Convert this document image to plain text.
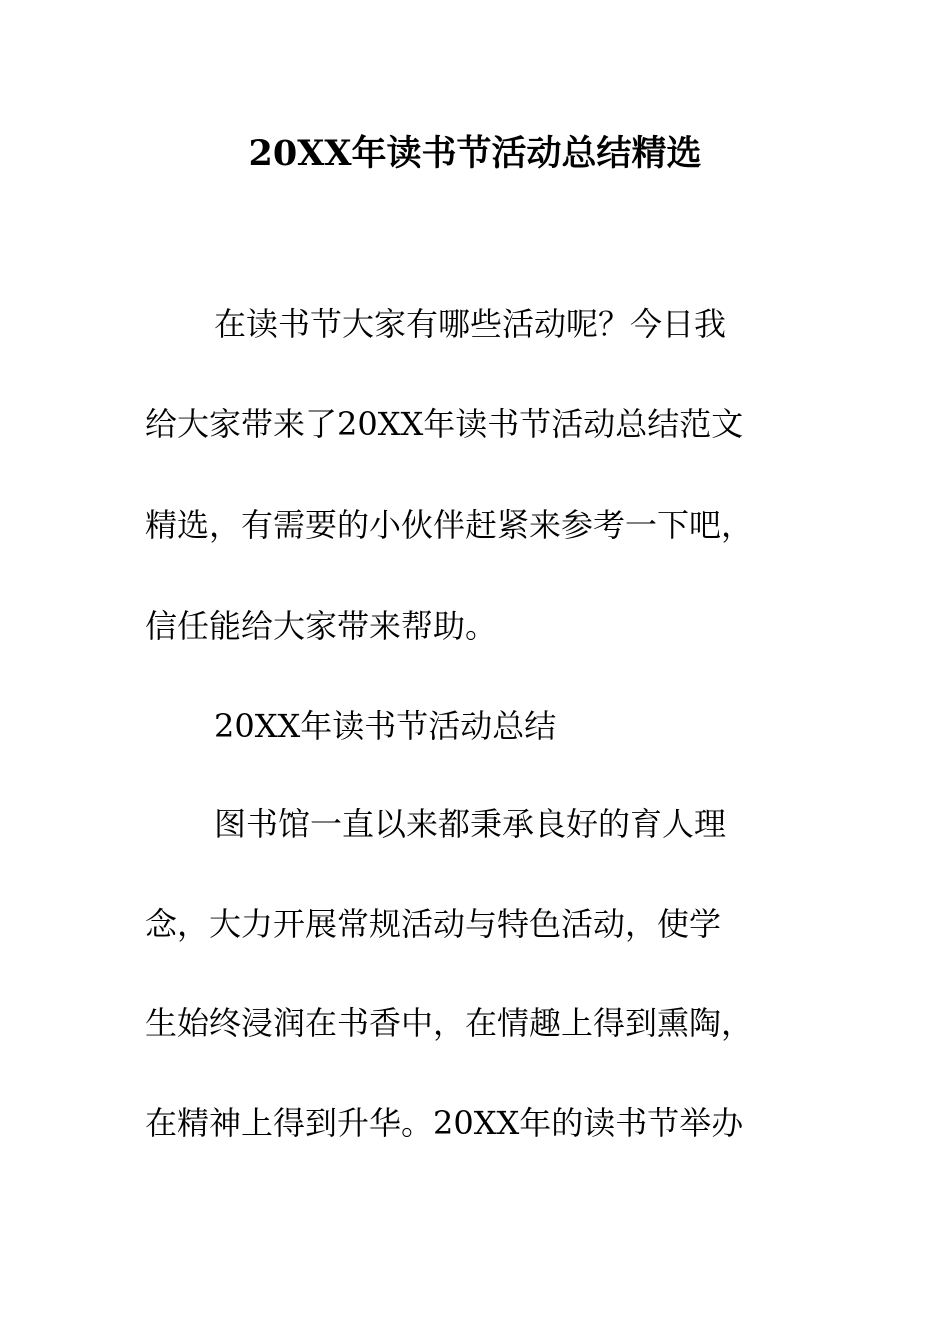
20XX年读书节活动总结精选
在读书节大家有哪些活动呢？今日我
给大家带来了20XX年读书节活动总结范文
精选，有需要的小伙伴赶紧来参考一下吧，
信任能给大家带来帮助。
20XX年读书节活动总结
图书馆一直以来都秉承良好的育人理
念，大力开展常规活动与特色活动，使学
生始终浸润在书香中，在情趣上得到熏陶，
在精神上得到升华。20XX年的读书节举办
